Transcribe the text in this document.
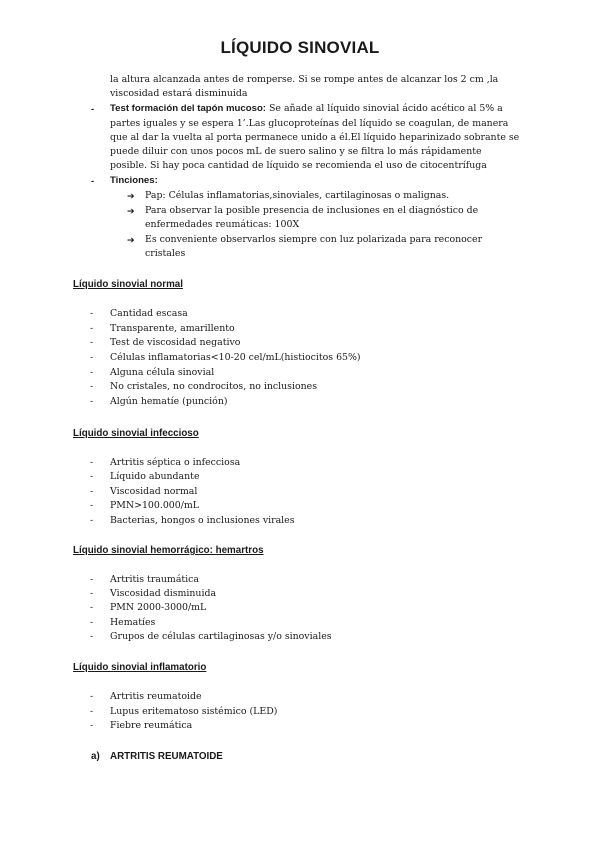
LÍQUIDO SINOVIAL
la altura alcanzada antes de romperse. Si se rompe antes de alcanzar los 2 cm ,la
viscosidad estará disminuida
- Test formación del tapón mucoso: Se añade al líquido sinovial ácido acético al 5% a
partes iguales y se espera 1’.Las glucoproteínas del líquido se coagulan, de manera
que al dar la vuelta al porta permanece unido a él.El líquido heparinizado sobrante se
puede diluir con unos pocos mL de suero salino y se filtra lo más rápidamente
posible. Si hay poca cantidad de líquido se recomienda el uso de citocentrífuga
- Tinciones:
➔ Pap: Células inflamatorias,sinoviales, cartilaginosas o malignas.
➔ Para observar la posible presencia de inclusiones en el diagnóstico de
enfermedades reumáticas: 100X
➔ Es conveniente observarlos siempre con luz polarizada para reconocer
cristales
Líquido sinovial normal
- Cantidad escasa
- Transparente, amarillento
- Test de viscosidad negativo
- Células inflamatorias<10-20 cel/mL(histiocitos 65%)
- Alguna célula sinovial
- No cristales, no condrocitos, no inclusiones
- Algún hematíe (punción)
Líquido sinovial infeccioso
- Artritis séptica o infecciosa
- Líquido abundante
- Viscosidad normal
- PMN>100.000/mL
- Bacterias, hongos o inclusiones virales
Líquido sinovial hemorrágico: hemartros
- Artritis traumática
- Viscosidad disminuida
- PMN 2000-3000/mL
- Hematíes
- Grupos de células cartilaginosas y/o sinoviales
Líquido sinovial inflamatorio
- Artritis reumatoide
- Lupus eritematoso sistémico (LED)
- Fiebre reumática
a) ARTRITIS REUMATOIDE
